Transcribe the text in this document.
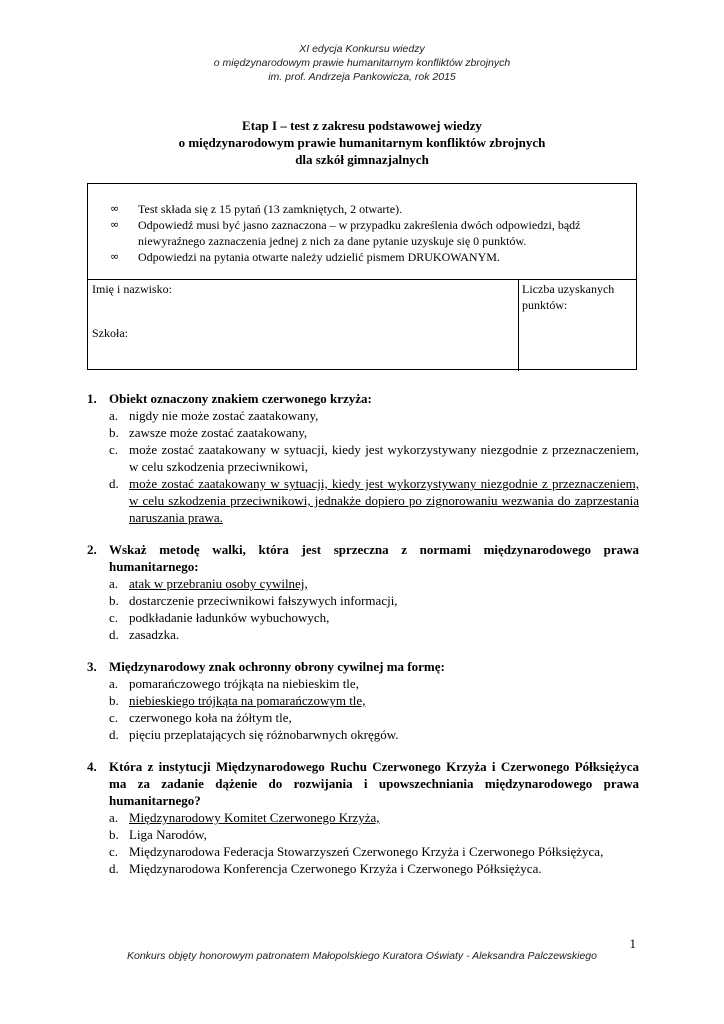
XI edycja Konkursu wiedzy
o międzynarodowym prawie humanitarnym konfliktów zbrojnych
im. prof. Andrzeja Pankowicza, rok 2015
Etap I – test z zakresu podstawowej wiedzy
o międzynarodowym prawie humanitarnym konfliktów zbrojnych
dla szkół gimnazjalnych
∞ Test składa się z 15 pytań (13 zamkniętych, 2 otwarte).
∞ Odpowiedź musi być jasno zaznaczona – w przypadku zakreślenia dwóch odpowiedzi, bądź niewyraźnego zaznaczenia jednej z nich za dane pytanie uzyskuje się 0 punktów.
∞ Odpowiedzi na pytania otwarte należy udzielić pismem DRUKOWANYM.
Imię i nazwisko:
Szkoła:
Liczba uzyskanych punktów:
1. Obiekt oznaczony znakiem czerwonego krzyża:
a. nigdy nie może zostać zaatakowany,
b. zawsze może zostać zaatakowany,
c. może zostać zaatakowany w sytuacji, kiedy jest wykorzystywany niezgodnie z przeznaczeniem, w celu szkodzenia przeciwnikowi,
d. może zostać zaatakowany w sytuacji, kiedy jest wykorzystywany niezgodnie z przeznaczeniem, w celu szkodzenia przeciwnikowi, jednakże dopiero po zignorowaniu wezwania do zaprzestania naruszania prawa.
2. Wskaż metodę walki, która jest sprzeczna z normami międzynarodowego prawa humanitarnego:
a. atak w przebraniu osoby cywilnej,
b. dostarczenie przeciwnikowi fałszywych informacji,
c. podkładanie ładunków wybuchowych,
d. zasadzka.
3. Międzynarodowy znak ochronny obrony cywilnej ma formę:
a. pomarańczowego trójkąta na niebieskim tle,
b. niebieskiego trójkąta na pomarańczowym tle,
c. czerwonego koła na żółtym tle,
d. pięciu przeplatających się różnobarwnych okręgów.
4. Która z instytucji Międzynarodowego Ruchu Czerwonego Krzyża i Czerwonego Półksiężyca ma za zadanie dążenie do rozwijania i upowszechniania międzynarodowego prawa humanitarnego?
a. Międzynarodowy Komitet Czerwonego Krzyża,
b. Liga Narodów,
c. Międzynarodowa Federacja Stowarzyszeń Czerwonego Krzyża i Czerwonego Półksiężyca,
d. Międzynarodowa Konferencja Czerwonego Krzyża i Czerwonego Półksiężyca.
1
Konkurs objęty honorowym patronatem Małopolskiego Kuratora Oświaty - Aleksandra Palczewskiego
